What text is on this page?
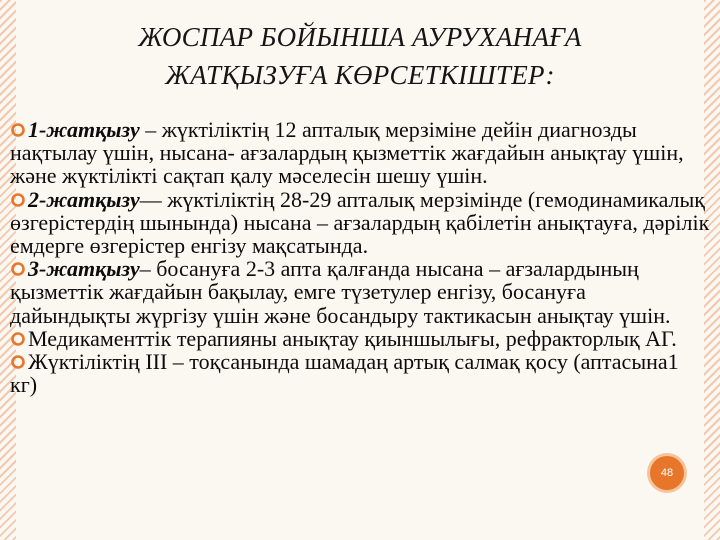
ЖОСПАР БОЙЫНША АУРУХАНАҒА
ЖАТҚЫЗУҒА КӨРСЕТКІШТЕР:

1-жатқызу – жүктіліктің 12 апталық мерзіміне дейін диагнозды нақтылау үшін, нысана- ағзалардың қызметтік жағдайын анықтау үшін, және жүктілікті сақтап қалу мәселесін шешу үшін.

2-жатқызу— жүктіліктің 28-29 апталық мерзімінде (гемодинамикалық өзгерістердің шынында) нысана – ағзалардың қабілетін анықтауға, дәрілік емдерге өзгерістер енгізу мақсатында.

3-жатқызу– босануға 2-3 апта қалғанда нысана – ағзалардының қызметтік жағдайын бақылау, емге түзетулер енгізу, босануға дайындықты жүргізу үшін және босандыру тактикасын анықтау үшін.

Медикаменттік терапияны анықтау қиыншылығы, рефракторлық АГ.

Жүктіліктің III – тоқсанында шамадаң артық салмақ қосу (аптасына1 кг)

48
